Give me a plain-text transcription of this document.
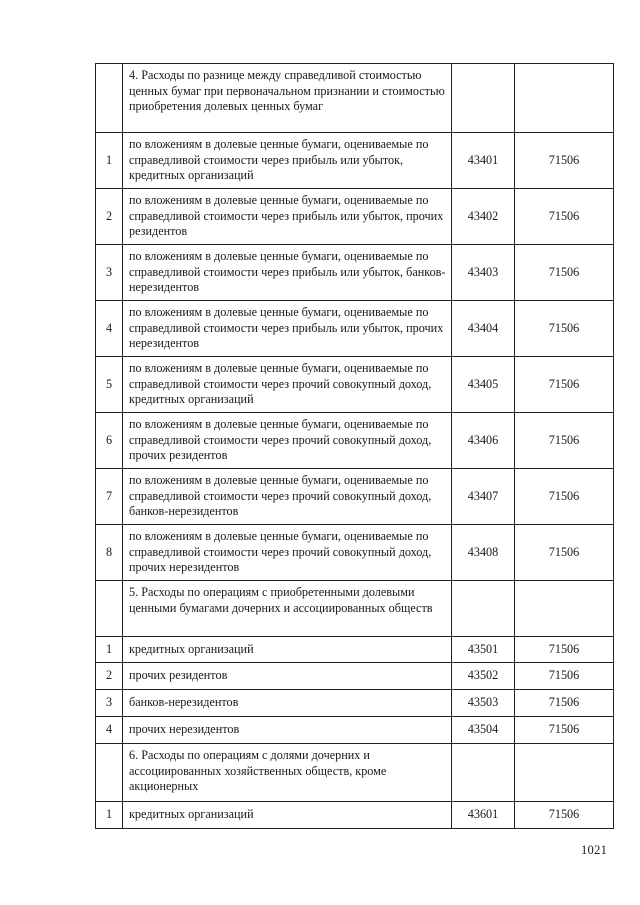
	4. Расходы по разнице между справедливой стоимостью ценных бумаг при первоначальном признании и стоимостью приобретения долевых ценных бумаг		
1	по вложениям в долевые ценные бумаги, оцениваемые по справедливой стоимости через прибыль или убыток, кредитных организаций	43401	71506
2	по вложениям в долевые ценные бумаги, оцениваемые по справедливой стоимости через прибыль или убыток, прочих резидентов	43402	71506
3	по вложениям в долевые ценные бумаги, оцениваемые по справедливой стоимости через прибыль или убыток, банков-нерезидентов	43403	71506
4	по вложениям в долевые ценные бумаги, оцениваемые по справедливой стоимости через прибыль или убыток, прочих нерезидентов	43404	71506
5	по вложениям в долевые ценные бумаги, оцениваемые по справедливой стоимости через прочий совокупный доход, кредитных организаций	43405	71506
6	по вложениям в долевые ценные бумаги, оцениваемые по справедливой стоимости через прочий совокупный доход, прочих резидентов	43406	71506
7	по вложениям в долевые ценные бумаги, оцениваемые по справедливой стоимости через прочий совокупный доход, банков-нерезидентов	43407	71506
8	по вложениям в долевые ценные бумаги, оцениваемые по справедливой стоимости через прочий совокупный доход, прочих нерезидентов	43408	71506
	5. Расходы по операциям с приобретенными долевыми ценными бумагами дочерних и ассоциированных обществ		
1	кредитных организаций	43501	71506
2	прочих резидентов	43502	71506
3	банков-нерезидентов	43503	71506
4	прочих нерезидентов	43504	71506
	6. Расходы по операциям с долями дочерних и ассоциированных хозяйственных обществ, кроме акционерных		
1	кредитных организаций	43601	71506
1021
